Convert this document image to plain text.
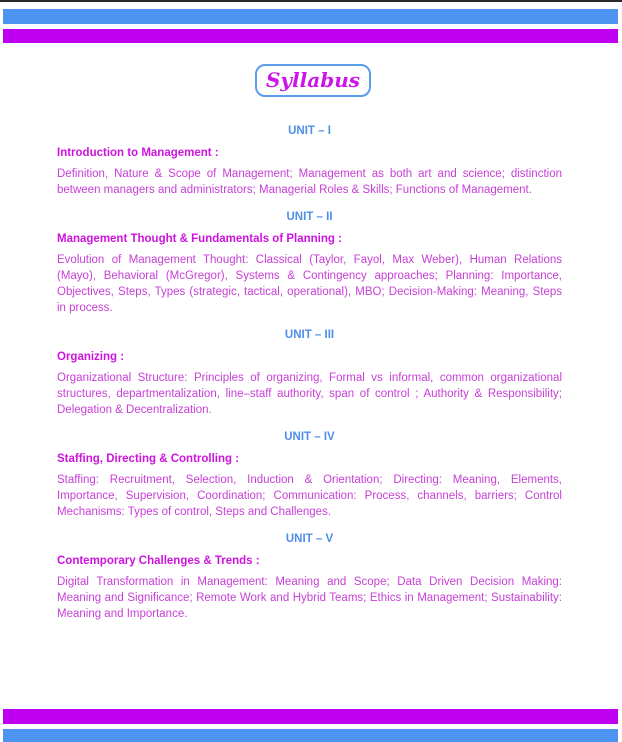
Syllabus
UNIT – I
Introduction to Management :

Definition, Nature & Scope of Management; Management as both art and science; distinction between managers and administrators; Managerial Roles & Skills; Functions of Management.

UNIT – II
Management Thought & Fundamentals of Planning :

Evolution of Management Thought: Classical (Taylor, Fayol, Max Weber), Human Relations (Mayo), Behavioral (McGregor), Systems & Contingency approaches; Planning: Importance, Objectives, Steps, Types (strategic, tactical, operational), MBO; Decision-Making: Meaning, Steps in process.

UNIT – III
Organizing :

Organizational Structure: Principles of organizing, Formal vs informal, common organizational structures, departmentalization, line–staff authority, span of control ; Authority & Responsibility; Delegation & Decentralization.

UNIT – IV
Staffing, Directing & Controlling :

Staffing: Recruitment, Selection, Induction & Orientation; Directing: Meaning, Elements, Importance, Supervision, Coordination; Communication: Process, channels, barriers; Control Mechanisms: Types of control, Steps and Challenges.

UNIT – V
Contemporary Challenges & Trends :

Digital Transformation in Management: Meaning and Scope; Data Driven Decision Making: Meaning and Significance; Remote Work and Hybrid Teams; Ethics in Management; Sustainability: Meaning and Importance.
